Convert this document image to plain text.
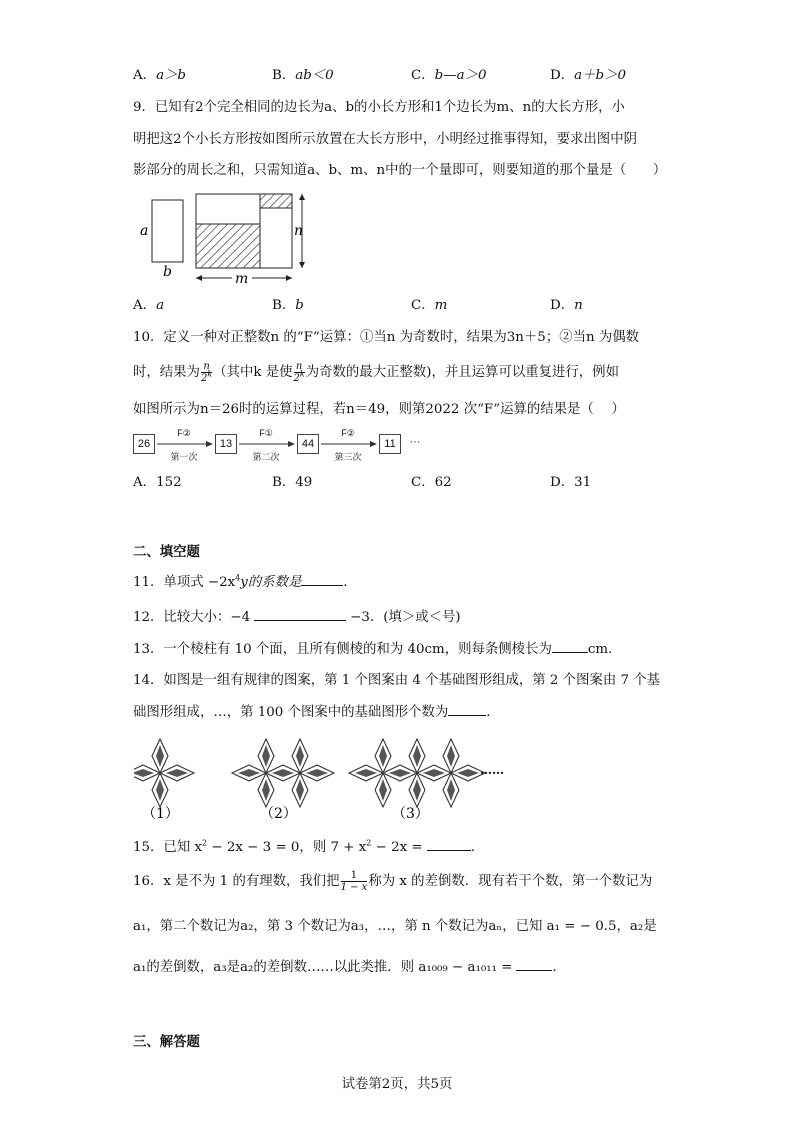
A．a＞b	B．ab＜0	C．b—a＞0	D．a＋b＞0
9．已知有2个完全相同的边长为a、b的小长方形和1个边长为m、n的大长方形，小
明把这2个小长方形按如图所示放置在大长方形中，小明经过推事得知，要求出图中阴
影部分的周长之和，只需知道a、b、m、n中的一个量即可，则要知道的那个量是（　　）
a
b
n
m
A．a	B．b	C．m	D．n
10．定义一种对正整数n 的“F”运算：①当n 为奇数时，结果为3n＋5；②当n 为偶数
时，结果为 $\frac{n}{2^k}$ （其中k 是使 $\frac{n}{2^k}$ 为奇数的最大正整数)，并且运算可以重复进行，例如
如图所示为n＝26时的运算过程，若n＝49，则第2022 次“F”运算的结果是（　 ）
26
F②
第一次
13
F①
第二次
44
F②
第三次
11	···
A．152	B．49	C．62	D．31
二、填空题
11．单项式 $-2x^4y$的系数是	．
12．比较大小：−4	−3．(填＞或＜号)
13．一个棱柱有 10 个面，且所有侧棱的和为 40cm，则每条侧棱长为	cm.
14．如图是一组有规律的图案，第 1 个图案由 4 个基础图形组成，第 2 个图案由 7 个基
础图形组成，…，第 100 个图案中的基础图形个数为	．
……
（1）	（2）	（3）
15．已知 $x^2 - 2x - 3 = 0$，则 $7 + x^2 - 2x$ =	．
16．x 是不为 1 的有理数，我们把 $\frac{1}{1 - x}$ 称为 x 的差倒数．现有若干个数，第一个数记为
a₁，第二个数记为a₂，第 3 个数记为a₃，…，第 n 个数记为aₙ，已知 a₁ = − 0.5，a₂是
a₁的差倒数，a₃是a₂的差倒数……以此类推．则 a₁₀₀₉ − a₁₀₁₁ =	．
三、解答题
试卷第2页，共5页
